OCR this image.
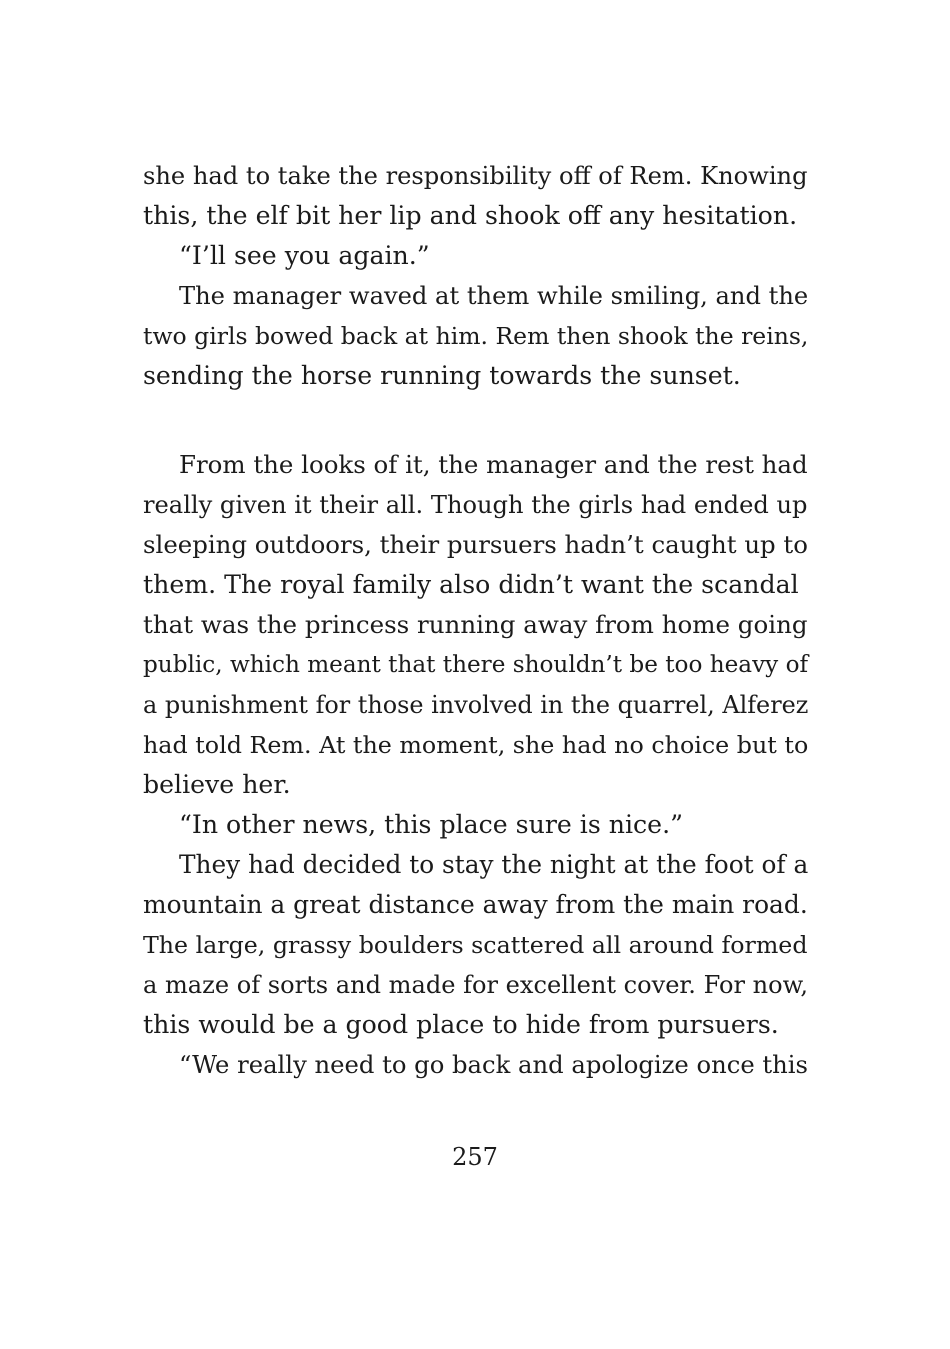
she had to take the responsibility off of Rem. Knowing
this, the elf bit her lip and shook off any hesitation.
“I’ll see you again.”
The manager waved at them while smiling, and the
two girls bowed back at him. Rem then shook the reins,
sending the horse running towards the sunset.
From the looks of it, the manager and the rest had
really given it their all. Though the girls had ended up
sleeping outdoors, their pursuers hadn’t caught up to
them. The royal family also didn’t want the scandal
that was the princess running away from home going
public, which meant that there shouldn’t be too heavy of
a punishment for those involved in the quarrel, Alferez
had told Rem. At the moment, she had no choice but to
believe her.
“In other news, this place sure is nice.”
They had decided to stay the night at the foot of a
mountain a great distance away from the main road.
The large, grassy boulders scattered all around formed
a maze of sorts and made for excellent cover. For now,
this would be a good place to hide from pursuers.
“We really need to go back and apologize once this
257
